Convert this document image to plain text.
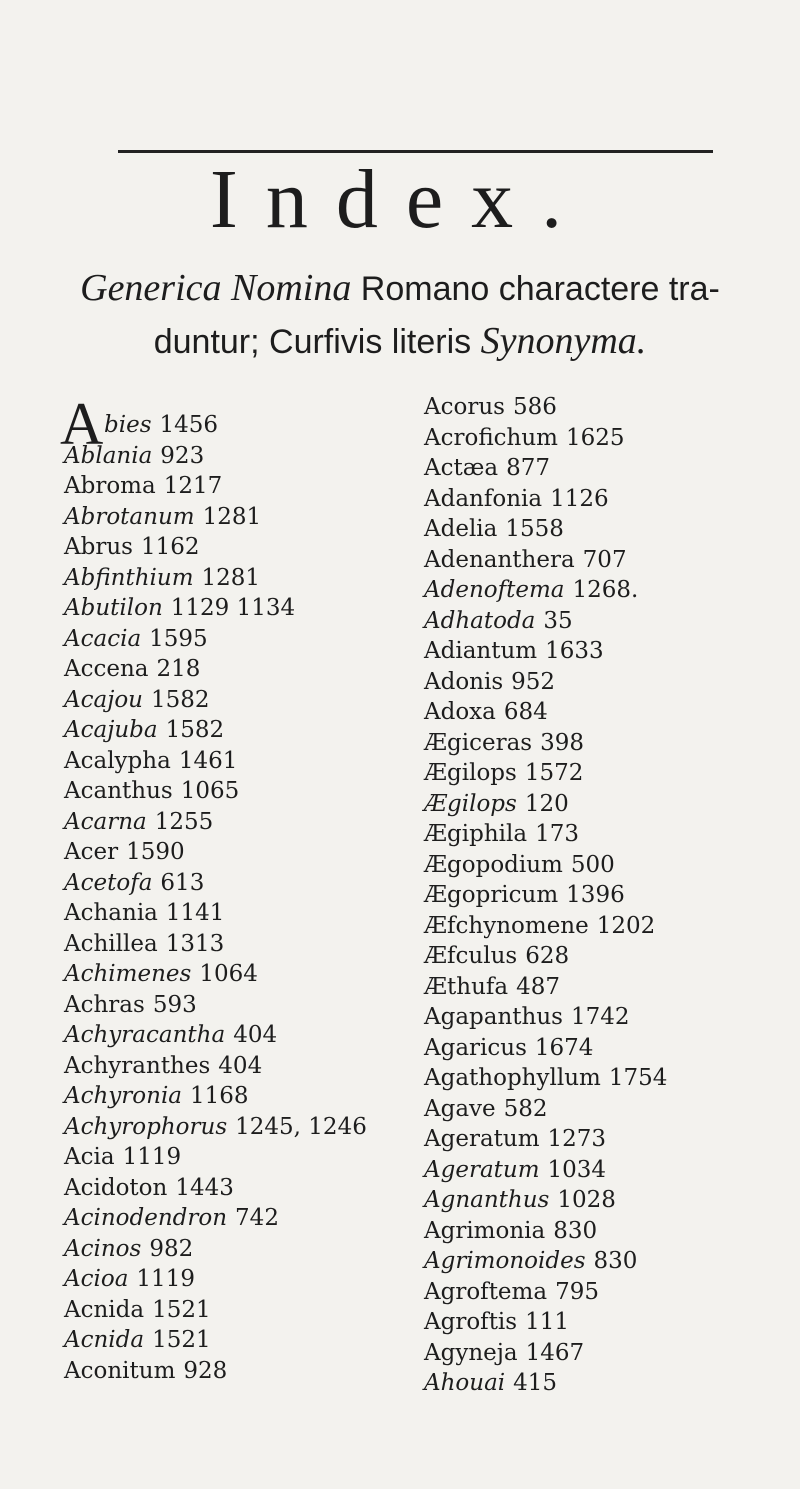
Index.
Generica Nomina Romano charactere tra-
duntur; Curfivis literis Synonyma.
A bies 1456
Ablania 923
Abroma 1217
Abrotanum 1281
Abrus 1162
Abfinthium 1281
Abutilon 1129 1134
Acacia 1595
Accena 218
Acajou 1582
Acajuba 1582
Acalypha 1461
Acanthus 1065
Acarna 1255
Acer 1590
Acetofa 613
Achania 1141
Achillea 1313
Achimenes 1064
Achras 593
Achyracantha 404
Achyranthes 404
Achyronia 1168
Achyrophorus 1245, 1246
Acia 1119
Acidoton 1443
Acinodendron 742
Acinos 982
Acioa 1119
Acnida 1521
Acnida 1521
Aconitum 928
Acorus 586
Acrofichum 1625
Actæa 877
Adanfonia 1126
Adelia 1558
Adenanthera 707
Adenoftema 1268.
Adhatoda 35
Adiantum 1633
Adonis 952
Adoxa 684
Ægiceras 398
Ægilops 1572
Ægilops 120
Ægiphila 173
Ægopodium 500
Ægopricum 1396
Æfchynomene 1202
Æfculus 628
Æthufa 487
Agapanthus 1742
Agaricus 1674
Agathophyllum 1754
Agave 582
Ageratum 1273
Ageratum 1034
Agnanthus 1028
Agrimonia 830
Agrimonoides 830
Agroftema 795
Agroftis 111
Agyneja 1467
Ahouai 415
